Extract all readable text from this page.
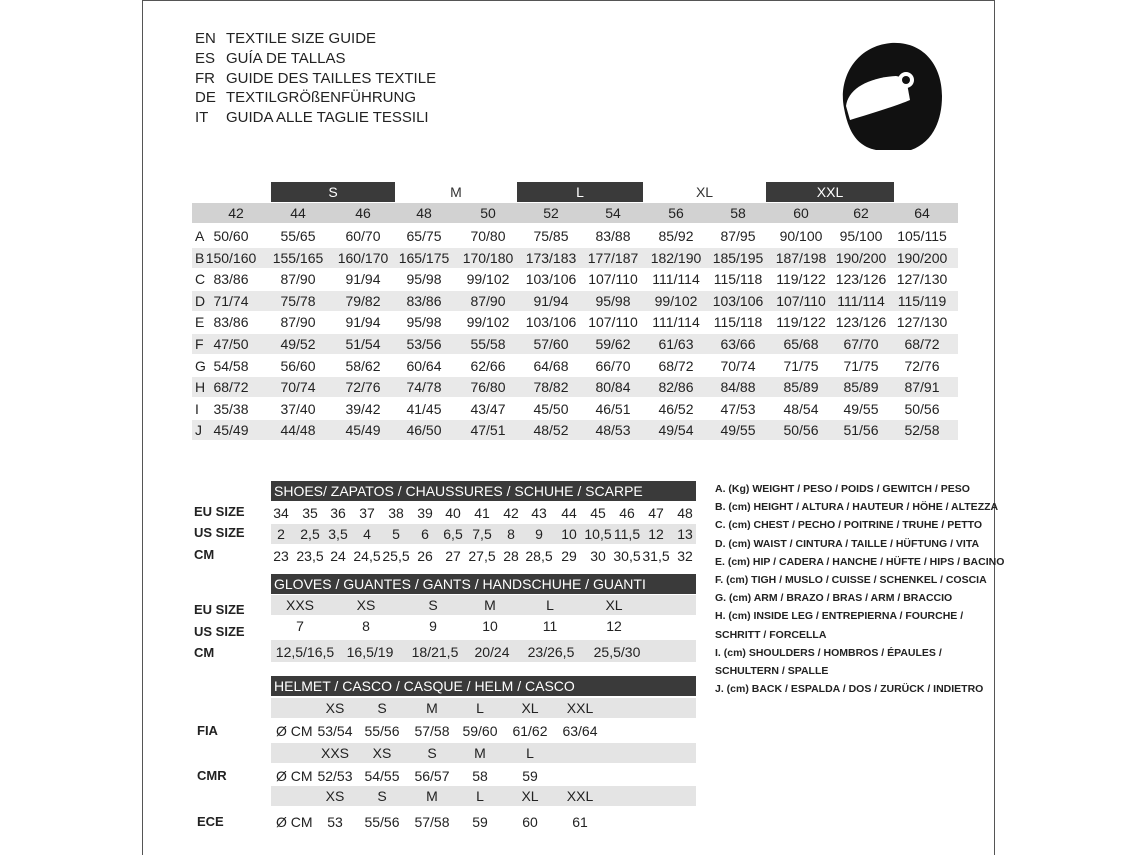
EN TEXTILE SIZE GUIDE
ES GUÍA DE TALLAS
FR GUIDE DES TAILLES TEXTILE
DE TEXTILGRÖßENFÜHRUNG
IT	GUIDA ALLE TAGLIE TESSILI
S	M	L	XL	XXL
42	44	46	48	50	52	54	56	58	60	62	64
A 50/60	55/65	60/70	65/75	70/80	75/85	83/88	85/92	87/95	90/100	95/100	105/115
B 150/160	155/165	160/170 165/175 170/180 173/183 177/187 182/190 185/195 187/198 190/200 190/200
C 83/86	87/90	91/94	95/98	99/102	103/106 107/110	111/114 115/118 119/122 123/126 127/130
D 71/74	75/78	79/82	83/86	87/90	91/94	95/98	99/102	103/106 107/110 111/114 115/119
E 83/86	87/90	91/94	95/98	99/102	103/106 107/110	111/114 115/118 119/122 123/126 127/130
F 47/50	49/52	51/54	53/56	55/58	57/60	59/62	61/63	63/66	65/68	67/70	68/72
G 54/58	56/60	58/62	60/64	62/66	64/68	66/70	68/72	70/74	71/75	71/75	72/76
H 68/72	70/74	72/76	74/78	76/80	78/82	80/84	82/86	84/88	85/89	85/89	87/91
I	35/38	37/40	39/42	41/45	43/47	45/50	46/51	46/52	47/53	48/54	49/55	50/56
J 45/49	44/48	45/49	46/50	47/51	48/52	48/53	49/54	49/55	50/56	51/56	52/58
SHOES/ ZAPATOS / CHAUSSURES / SCHUHE / SCARPE
EU SIZE	34 35 36 37 38 39 40 41 42 43	44 45 46 47 48
US SIZE	2	2,5 3,5	4	5	6	6,5 7,5	8	9	10 10,5 11,5 12 13
CM	23 23,5 24 24,5 25,5 26 27 27,5 28 28,5 29 30 30,5 31,5 32
GLOVES / GUANTES / GANTS / HANDSCHUHE / GUANTI
EU SIZE	XXS	XS	S	M	L	XL
US SIZE	7	8	9	10	11	12
CM	12,5/16,5 16,5/19	18/21,5	20/24	23/26,5	25,5/30
HELMET / CASCO / CASQUE / HELM / CASCO
XS	S	M	L	XL	XXL
FIA	Ø CM 53/54 55/56 57/58 59/60 61/62 63/64
XXS	XS	S	M	L
CMR	Ø CM 52/53 54/55 56/57	58	59
XS	S	M	L	XL	XXL
ECE	Ø CM	53	55/56 57/58	59	60	61
A. (Kg) WEIGHT / PESO / POIDS / GEWITCH / PESO
B. (cm) HEIGHT / ALTURA / HAUTEUR / HÖHE / ALTEZZA
C. (cm) CHEST / PECHO / POITRINE / TRUHE / PETTO
D. (cm) WAIST / CINTURA / TAILLE / HÜFTUNG / VITA
E. (cm) HIP / CADERA / HANCHE / HÜFTE / HIPS / BACINO
F. (cm) TIGH / MUSLO / CUISSE / SCHENKEL / COSCIA
G. (cm) ARM / BRAZO / BRAS / ARM / BRACCIO
H. (cm) INSIDE LEG / ENTREPIERNA / FOURCHE /
SCHRITT / FORCELLA
I. (cm) SHOULDERS / HOMBROS / ÉPAULES /
SCHULTERN / SPALLE
J. (cm) BACK / ESPALDA / DOS / ZURÜCK / INDIETRO
